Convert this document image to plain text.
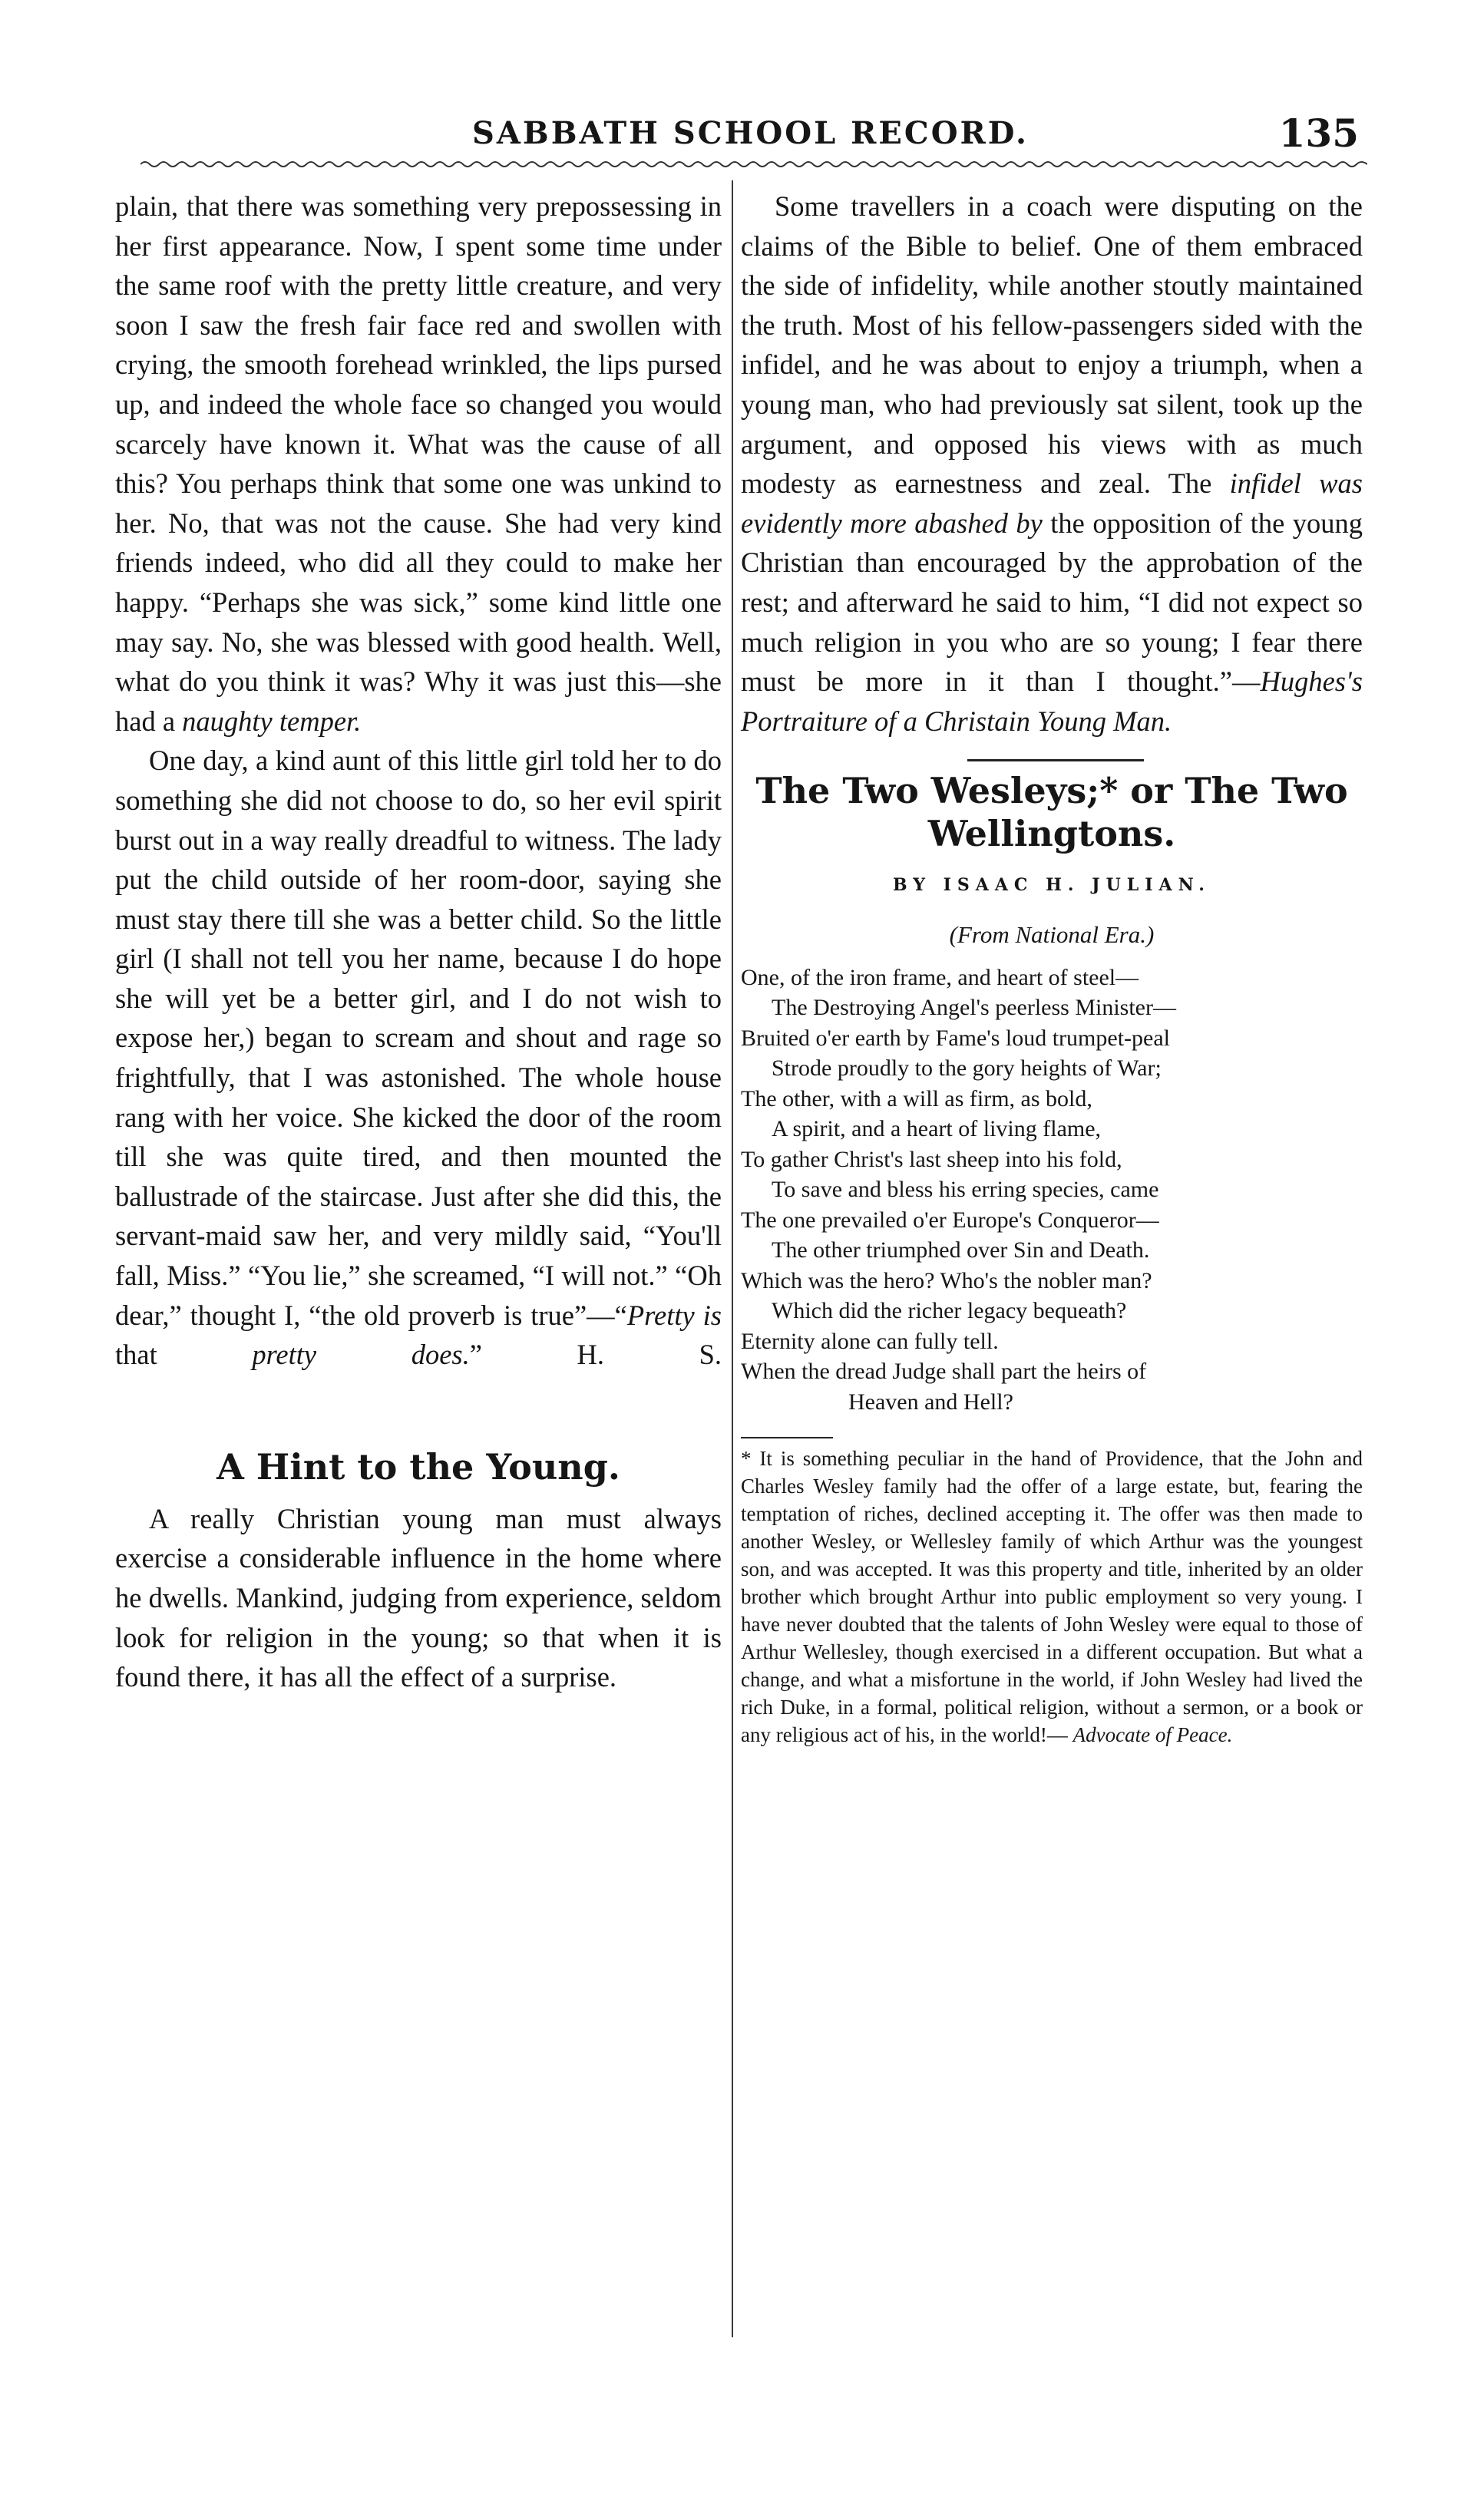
SABBATH SCHOOL RECORD.	135

plain, that there was something very prepossessing in her first appearance. Now, I spent some time under the same roof with the pretty little creature, and very soon I saw the fresh fair face red and swollen with crying, the smooth forehead wrinkled, the lips pursed up, and indeed the whole face so changed you would scarcely have known it. What was the cause of all this? You perhaps think that some one was unkind to her. No, that was not the cause. She had very kind friends indeed, who did all they could to make her happy. “Perhaps she was sick,” some kind little one may say. No, she was blessed with good health. Well, what do you think it was? Why it was just this—she had a naughty temper.

One day, a kind aunt of this little girl told her to do something she did not choose to do, so her evil spirit burst out in a way really dreadful to witness. The lady put the child outside of her room-door, saying she must stay there till she was a better child. So the little girl (I shall not tell you her name, because I do hope she will yet be a better girl, and I do not wish to expose her,) began to scream and shout and rage so frightfully, that I was astonished. The whole house rang with her voice. She kicked the door of the room till she was quite tired, and then mounted the ballustrade of the staircase. Just after she did this, the servant-maid saw her, and very mildly said, “You'll fall, Miss.” “You lie,” she screamed, “I will not.” “Oh dear,” thought I, “the old proverb is true”—“Pretty is that	pretty does.”	H. S.

A Hint to the Young.

A really Christian young man must always exercise a considerable influence in the home where he dwells. Mankind, judging from experience, seldom look for religion in the young; so that when it is found there, it has all the effect of a surprise.

Some travellers in a coach were disputing on the claims of the Bible to belief. One of them embraced the side of infidelity, while another stoutly maintained the truth. Most of his fellow-passengers sided with the infidel, and he was about to enjoy a triumph, when a young man, who had previously sat silent, took up the argument, and opposed his views with as much modesty as earnestness and zeal. The infidel was evidently more abashed by the opposition of the young Christian than encouraged by the approbation of the rest; and afterward he said to him, “I did not expect so much religion in you who are so young; I fear there must be more in it than I thought.”—Hughes's Portraiture of a Christain Young Man.

The Two Wesleys;* or The Two Wellingtons.
BY ISAAC H. JULIAN.
(From National Era.)
One, of the iron frame, and heart of steel—
The Destroying Angel's peerless Minister—
Bruited o'er earth by Fame's loud trumpet-peal
Strode proudly to the gory heights of War;
The other, with a will as firm, as bold,
A spirit, and a heart of living flame,
To gather Christ's last sheep into his fold,
To save and bless his erring species, came
The one prevailed o'er Europe's Conqueror—
The other triumphed over Sin and Death.
Which was the hero? Who's the nobler man?
Which did the richer legacy bequeath?
Eternity alone can fully tell.
When the dread Judge shall part the heirs of
Heaven and Hell?

* It is something peculiar in the hand of Providence, that the John and Charles Wesley family had the offer of a large estate, but, fearing the temptation of riches, declined accepting it. The offer was then made to another Wesley, or Wellesley family of which Arthur was the youngest son, and was accepted. It was this property and title, inherited by an older brother which brought Arthur into public employment so very young. I have never doubted that the talents of John Wesley were equal to those of Arthur Wellesley, though exercised in a different occupation. But what a change, and what a misfortune in the world, if John Wesley had lived the rich Duke, in a formal, political religion, without a sermon, or a book or any religious act of his, in the world!— Advocate of Peace.
